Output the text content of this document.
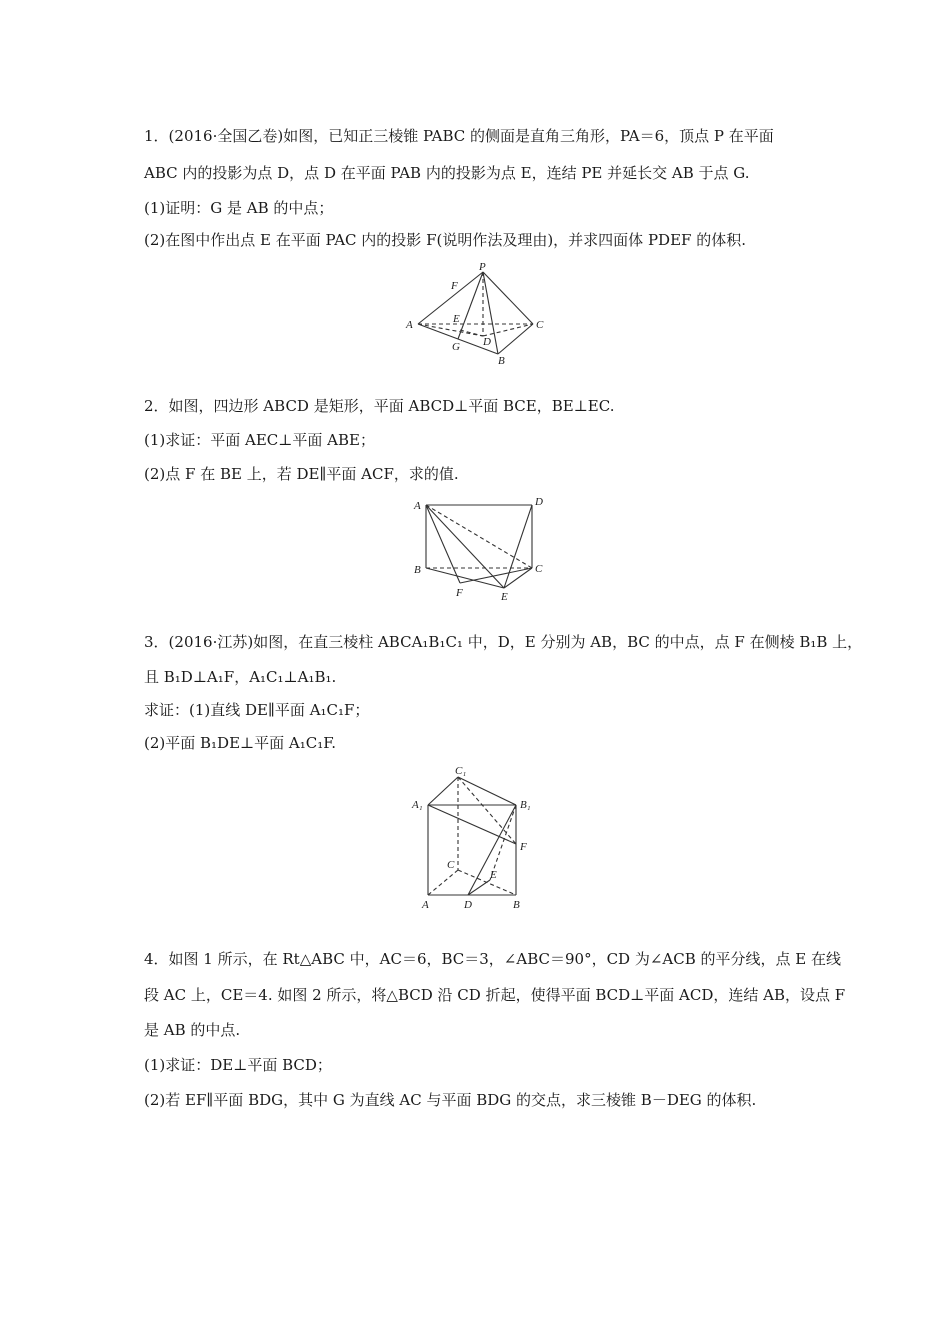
1．(2016·全国乙卷)如图，已知正三棱锥 PABC 的侧面是直角三角形，PA＝6，顶点 P 在平面
ABC 内的投影为点 D，点 D 在平面 PAB 内的投影为点 E，连结 PE 并延长交 AB 于点 G.
(1)证明：G 是 AB 的中点；
(2)在图中作出点 E 在平面 PAC 内的投影 F(说明作法及理由)，并求四面体 PDEF 的体积.
P
F
A	E	C
G D
B
2．如图，四边形 ABCD 是矩形，平面 ABCD⊥平面 BCE，BE⊥EC.
(1)求证：平面 AEC⊥平面 ABE；
(2)点 F 在 BE 上，若 DE∥平面 ACF，求的值.
A	D
B	C
F	E
3．(2016·江苏)如图，在直三棱柱 ABCA₁B₁C₁ 中，D，E 分别为 AB，BC 的中点，点 F 在侧棱 B₁B 上，
且 B₁D⊥A₁F，A₁C₁⊥A₁B₁.
求证：(1)直线 DE∥平面 A₁C₁F；
(2)平面 B₁DE⊥平面 A₁C₁F.
C₁
A₁	B₁
F
C
E
A	D	B
4．如图 1 所示，在 Rt△ABC 中，AC＝6，BC＝3，∠ABC＝90°，CD 为∠ACB 的平分线，点 E 在线
段 AC 上，CE＝4. 如图 2 所示，将△BCD 沿 CD 折起，使得平面 BCD⊥平面 ACD，连结 AB，设点 F
是 AB 的中点.
(1)求证：DE⊥平面 BCD；
(2)若 EF∥平面 BDG，其中 G 为直线 AC 与平面 BDG 的交点，求三棱锥 B－DEG 的体积.
